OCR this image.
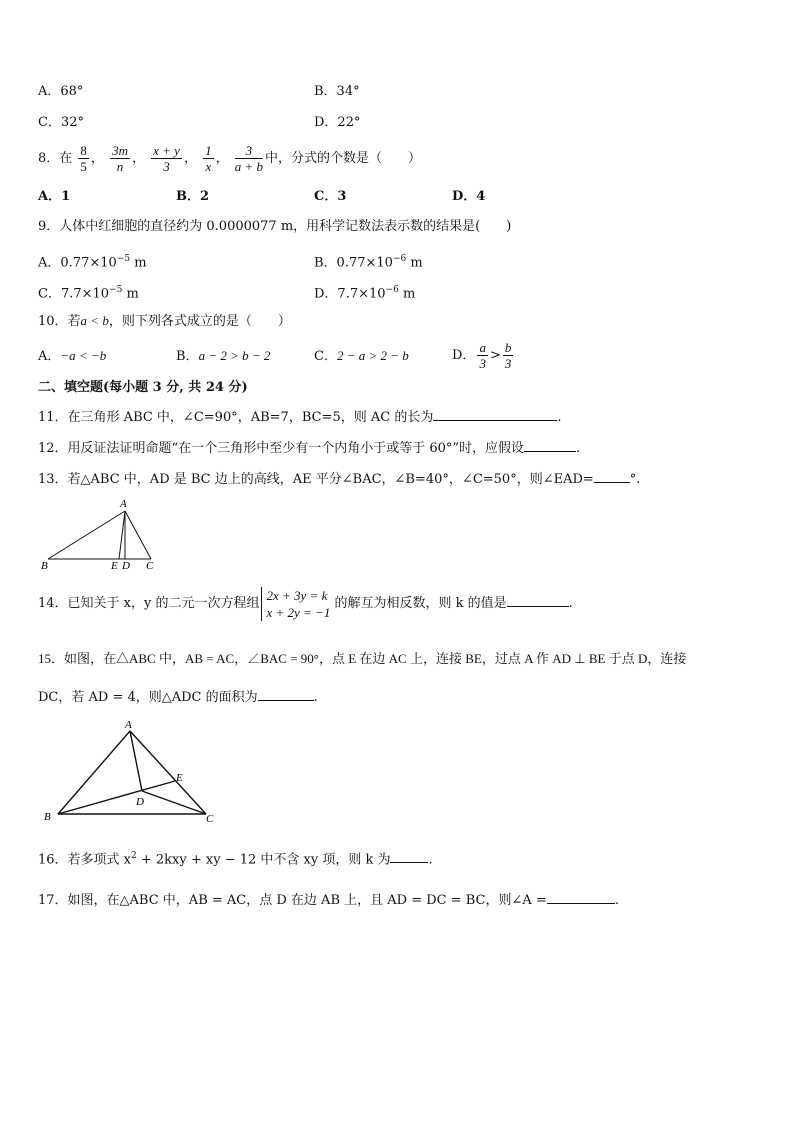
A．68°	B．34°
C．32°	D．22°
8．在 $\frac{8}{5}$ ， $\frac{3m}{n}$ ， $\frac{x + y}{3}$ ， $\frac{1}{x}$ ， $\frac{3}{a + b}$ 中，分式的个数是（　　）
A．1	B．2	C．3	D．4
9．人体中红细胞的直径约为 0.0000077 m，用科学记数法表示数的结果是(　　)
A．$0.77\times 10^{-5}$ m	B．$0.77\times 10^{-6}$ m
C．$7.7\times 10^{-5}$ m	D．$7.7\times 10^{-6}$ m
10．若a < b，则下列各式成立的是（　　）
A．−a < −b	B．a − 2 > b − 2	C．2 − a > 2 − b	D． $\frac{a}{3} > \frac{b}{3}$
二、填空题(每小题 3 分, 共 24 分)
11．在三角形 ABC 中，∠C=90°，AB=7，BC=5，则 AC 的长为	.
12．用反证法证明命题“在一个三角形中至少有一个内角小于或等于 60°”时，应假设	.
13．若△ABC 中，AD 是 BC 边上的高线，AE 平分∠BAC，∠B=40°，∠C=50°，则∠EAD=	°.
A
B	E D C
14．已知关于 x，y 的二元一次方程组
2x + 3y = k
x + 2y = −1
的解互为相反数，则 k 的值是	.
15．如图，在△ABC 中，AB = AC，∠BAC = 90°，点 E 在边 AC 上，连接 BE，过点 A 作 AD ⊥ BE 于点 D，连接
DC，若 AD = 4，则△ADC 的面积为	.
A
B	C
D
E
16．若多项式 $x^2 + 2kxy$ + xy − 12 中不含 xy 项，则 k 为	.
17．如图，在△ABC 中，AB = AC，点 D 在边 AB 上，且 AD = DC = BC，则∠A =	.
